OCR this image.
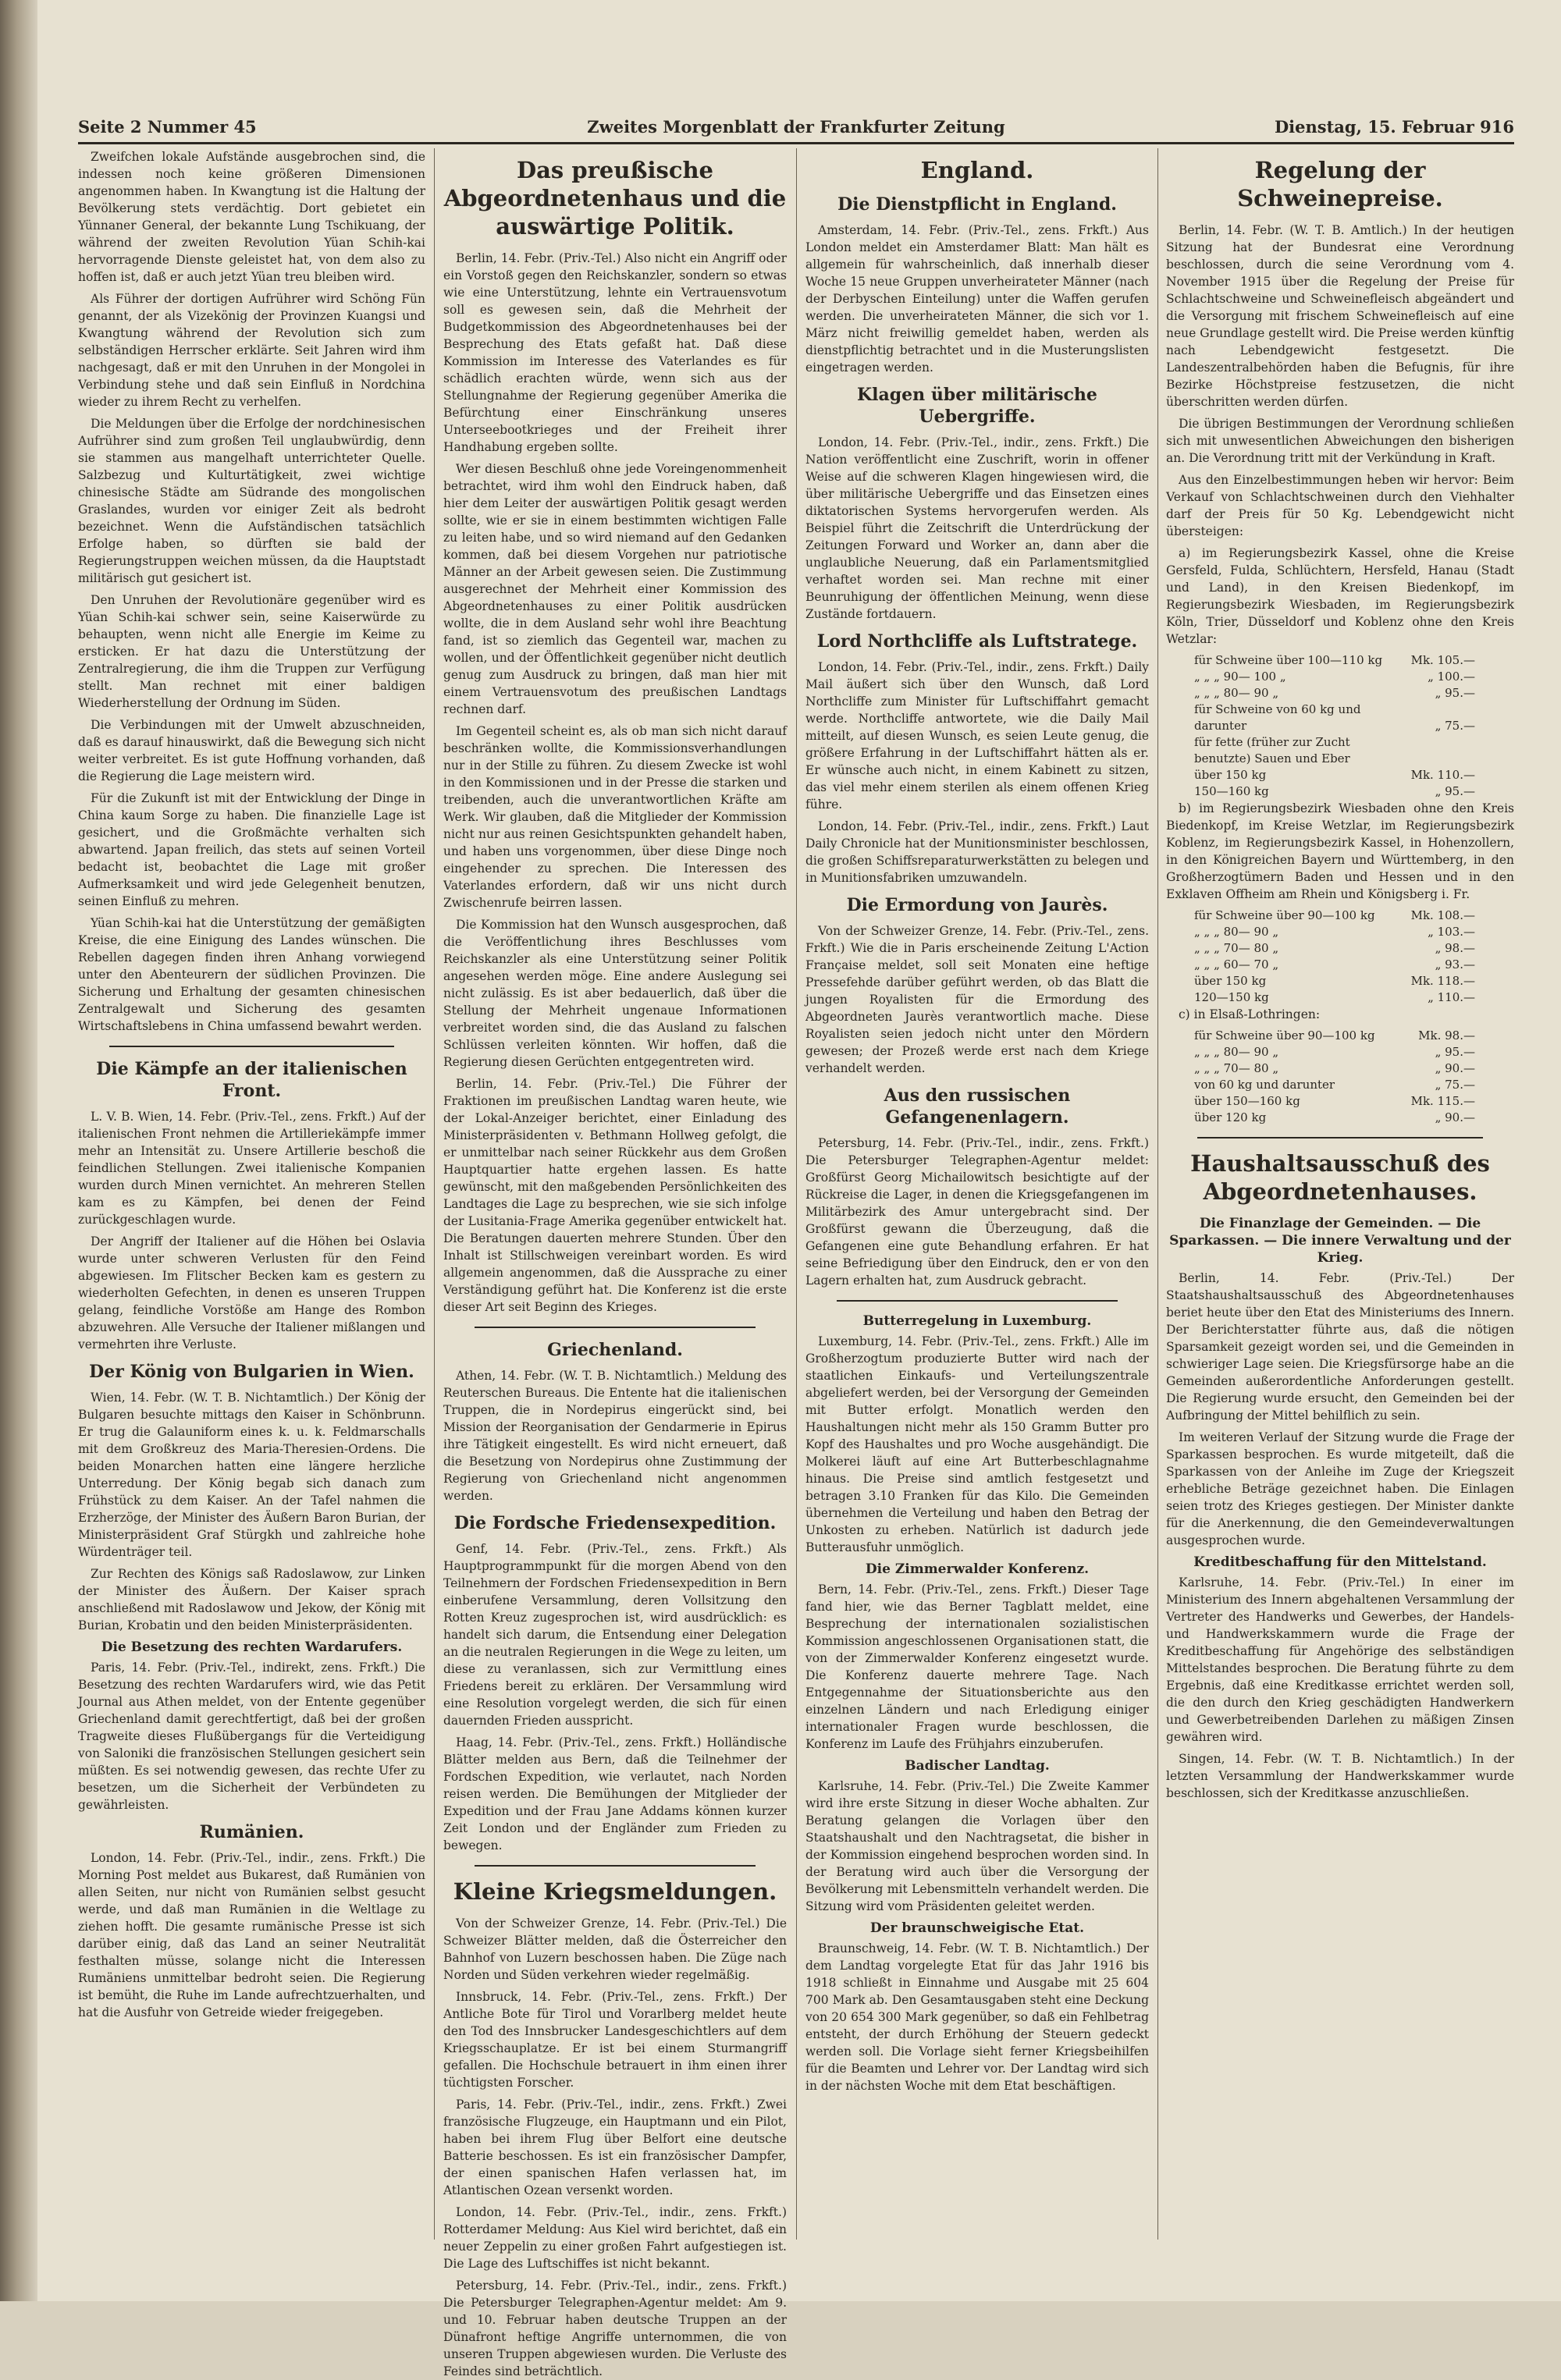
Seite 2 Nummer 45	Zweites Morgenblatt der Frankfurter Zeitung	Dienstag, 15. Februar 916

Zweifchen lokale Aufstände ausgebrochen sind, die indessen noch keine größeren Dimensionen angenommen haben. In Kwangtung ist die Haltung der Bevölkerung stets verdächtig. Dort gebietet ein Yünnaner General, der bekannte Lung Tschikuang, der während der zweiten Revolution Yüan Schih-kai hervorragende Dienste geleistet hat, von dem also zu hoffen ist, daß er auch jetzt Yüan treu bleiben wird.

Als Führer der dortigen Aufrührer wird Schöng Fün genannt, der als Vizekönig der Provinzen Kuangsi und Kwangtung während der Revolution sich zum selbständigen Herrscher erklärte. Seit Jahren wird ihm nachgesagt, daß er mit den Unruhen in der Mongolei in Verbindung stehe und daß sein Einfluß in Nordchina wieder zu ihrem Recht zu verhelfen.

Die Meldungen über die Erfolge der nordchinesischen Aufrührer sind zum großen Teil unglaubwürdig, denn sie stammen aus mangelhaft unterrichteter Quelle. Salzbezug und Kulturtätigkeit, zwei wichtige chinesische Städte am Südrande des mongolischen Graslandes, wurden vor einiger Zeit als bedroht bezeichnet. Wenn die Aufständischen tatsächlich Erfolge haben, so dürften sie bald der Regierungstruppen weichen müssen, da die Hauptstadt militärisch gut gesichert ist.

Den Unruhen der Revolutionäre gegenüber wird es Yüan Schih-kai schwer sein, seine Kaiserwürde zu behaupten, wenn nicht alle Energie im Keime zu ersticken. Er hat dazu die Unterstützung der Zentralregierung, die ihm die Truppen zur Verfügung stellt. Man rechnet mit einer baldigen Wiederherstellung der Ordnung im Süden.

Die Verbindungen mit der Umwelt abzuschneiden, daß es darauf hinauswirkt, daß die Bewegung sich nicht weiter verbreitet. Es ist gute Hoffnung vorhanden, daß die Regierung die Lage meistern wird.

Für die Zukunft ist mit der Entwicklung der Dinge in China kaum Sorge zu haben. Die finanzielle Lage ist gesichert, und die Großmächte verhalten sich abwartend. Japan freilich, das stets auf seinen Vorteil bedacht ist, beobachtet die Lage mit großer Aufmerksamkeit und wird jede Gelegenheit benutzen, seinen Einfluß zu mehren.

Yüan Schih-kai hat die Unterstützung der gemäßigten Kreise, die eine Einigung des Landes wünschen. Die Rebellen dagegen finden ihren Anhang vorwiegend unter den Abenteurern der südlichen Provinzen. Die Sicherung und Erhaltung der gesamten chinesischen Zentralgewalt und Sicherung des gesamten Wirtschaftslebens in China umfassend bewahrt werden.

Die Kämpfe an der italienischen Front.

L. V. B. Wien, 14. Febr. (Priv.-Tel., zens. Frkft.) Auf der italienischen Front nehmen die Artilleriekämpfe immer mehr an Intensität zu. Unsere Artillerie beschoß die feindlichen Stellungen. Zwei italienische Kompanien wurden durch Minen vernichtet. An mehreren Stellen kam es zu Kämpfen, bei denen der Feind zurückgeschlagen wurde.

Der Angriff der Italiener auf die Höhen bei Oslavia wurde unter schweren Verlusten für den Feind abgewiesen. Im Flitscher Becken kam es gestern zu wiederholten Gefechten, in denen es unseren Truppen gelang, feindliche Vorstöße am Hange des Rombon abzuwehren. Alle Versuche der Italiener mißlangen und vermehrten ihre Verluste.

Der König von Bulgarien in Wien.

Wien, 14. Febr. (W. T. B. Nichtamtlich.) Der König der Bulgaren besuchte mittags den Kaiser in Schönbrunn. Er trug die Galauniform eines k. u. k. Feldmarschalls mit dem Großkreuz des Maria-Theresien-Ordens. Die beiden Monarchen hatten eine längere herzliche Unterredung. Der König begab sich danach zum Frühstück zu dem Kaiser. An der Tafel nahmen die Erzherzöge, der Minister des Äußern Baron Burian, der Ministerpräsident Graf Stürgkh und zahlreiche hohe Würdenträger teil.

Zur Rechten des Königs saß Radoslawow, zur Linken der Minister des Äußern. Der Kaiser sprach anschließend mit Radoslawow und Jekow, der König mit Burian, Krobatin und den beiden Ministerpräsidenten.

Die Besetzung des rechten Wardarufers.

Paris, 14. Febr. (Priv.-Tel., indirekt, zens. Frkft.) Die Besetzung des rechten Wardarufers wird, wie das Petit Journal aus Athen meldet, von der Entente gegenüber Griechenland damit gerechtfertigt, daß bei der großen Tragweite dieses Flußübergangs für die Verteidigung von Saloniki die französischen Stellungen gesichert sein müßten. Es sei notwendig gewesen, das rechte Ufer zu besetzen, um die Sicherheit der Verbündeten zu gewährleisten.

Rumänien.

London, 14. Febr. (Priv.-Tel., indir., zens. Frkft.) Die Morning Post meldet aus Bukarest, daß Rumänien von allen Seiten, nur nicht von Rumänien selbst gesucht werde, und daß man Rumänien in die Weltlage zu ziehen hofft. Die gesamte rumänische Presse ist sich darüber einig, daß das Land an seiner Neutralität festhalten müsse, solange nicht die Interessen Rumäniens unmittelbar bedroht seien. Die Regierung ist bemüht, die Ruhe im Lande aufrechtzuerhalten, und hat die Ausfuhr von Getreide wieder freigegeben.

Das preußische Abgeordnetenhaus und die auswärtige Politik.

Berlin, 14. Febr. (Priv.-Tel.) Also nicht ein Angriff oder ein Vorstoß gegen den Reichskanzler, sondern so etwas wie eine Unterstützung, lehnte ein Vertrauensvotum soll es gewesen sein, daß die Mehrheit der Budgetkommission des Abgeordnetenhauses bei der Besprechung des Etats gefaßt hat. Daß diese Kommission im Interesse des Vaterlandes es für schädlich erachten würde, wenn sich aus der Stellungnahme der Regierung gegenüber Amerika die Befürchtung einer Einschränkung unseres Unterseebootkrieges und der Freiheit ihrer Handhabung ergeben sollte.

Wer diesen Beschluß ohne jede Voreingenommenheit betrachtet, wird ihm wohl den Eindruck haben, daß hier dem Leiter der auswärtigen Politik gesagt werden sollte, wie er sie in einem bestimmten wichtigen Falle zu leiten habe, und so wird niemand auf den Gedanken kommen, daß bei diesem Vorgehen nur patriotische Männer an der Arbeit gewesen seien. Die Zustimmung ausgerechnet der Mehrheit einer Kommission des Abgeordnetenhauses zu einer Politik ausdrücken wollte, die in dem Ausland sehr wohl ihre Beachtung fand, ist so ziemlich das Gegenteil war, machen zu wollen, und der Öffentlichkeit gegenüber nicht deutlich genug zum Ausdruck zu bringen, daß man hier mit einem Vertrauensvotum des preußischen Landtags rechnen darf.

Im Gegenteil scheint es, als ob man sich nicht darauf beschränken wollte, die Kommissionsverhandlungen nur in der Stille zu führen. Zu diesem Zwecke ist wohl in den Kommissionen und in der Presse die starken und treibenden, auch die unverantwortlichen Kräfte am Werk. Wir glauben, daß die Mitglieder der Kommission nicht nur aus reinen Gesichtspunkten gehandelt haben, und haben uns vorgenommen, über diese Dinge noch eingehender zu sprechen. Die Interessen des Vaterlandes erfordern, daß wir uns nicht durch Zwischenrufe beirren lassen.

Die Kommission hat den Wunsch ausgesprochen, daß die Veröffentlichung ihres Beschlusses vom Reichskanzler als eine Unterstützung seiner Politik angesehen werden möge. Eine andere Auslegung sei nicht zulässig. Es ist aber bedauerlich, daß über die Stellung der Mehrheit ungenaue Informationen verbreitet worden sind, die das Ausland zu falschen Schlüssen verleiten könnten. Wir hoffen, daß die Regierung diesen Gerüchten entgegentreten wird.

Berlin, 14. Febr. (Priv.-Tel.) Die Führer der Fraktionen im preußischen Landtag waren heute, wie der Lokal-Anzeiger berichtet, einer Einladung des Ministerpräsidenten v. Bethmann Hollweg gefolgt, die er unmittelbar nach seiner Rückkehr aus dem Großen Hauptquartier hatte ergehen lassen. Es hatte gewünscht, mit den maßgebenden Persönlichkeiten des Landtages die Lage zu besprechen, wie sie sich infolge der Lusitania-Frage Amerika gegenüber entwickelt hat. Die Beratungen dauerten mehrere Stunden. Über den Inhalt ist Stillschweigen vereinbart worden. Es wird allgemein angenommen, daß die Aussprache zu einer Verständigung geführt hat. Die Konferenz ist die erste dieser Art seit Beginn des Krieges.

Griechenland.

Athen, 14. Febr. (W. T. B. Nichtamtlich.) Meldung des Reuterschen Bureaus. Die Entente hat die italienischen Truppen, die in Nordepirus eingerückt sind, bei Mission der Reorganisation der Gendarmerie in Epirus ihre Tätigkeit eingestellt. Es wird nicht erneuert, daß die Besetzung von Nordepirus ohne Zustimmung der Regierung von Griechenland nicht angenommen werden.

Die Fordsche Friedensexpedition.

Genf, 14. Febr. (Priv.-Tel., zens. Frkft.) Als Hauptprogrammpunkt für die morgen Abend von den Teilnehmern der Fordschen Friedensexpedition in Bern einberufene Versammlung, deren Vollsitzung den Rotten Kreuz zugesprochen ist, wird ausdrücklich: es handelt sich darum, die Entsendung einer Delegation an die neutralen Regierungen in die Wege zu leiten, um diese zu veranlassen, sich zur Vermittlung eines Friedens bereit zu erklären. Der Versammlung wird eine Resolution vorgelegt werden, die sich für einen dauernden Frieden ausspricht.

Haag, 14. Febr. (Priv.-Tel., zens. Frkft.) Holländische Blätter melden aus Bern, daß die Teilnehmer der Fordschen Expedition, wie verlautet, nach Norden reisen werden. Die Bemühungen der Mitglieder der Expedition und der Frau Jane Addams können kurzer Zeit London und der Engländer zum Frieden zu bewegen.

Kleine Kriegsmeldungen.

Von der Schweizer Grenze, 14. Febr. (Priv.-Tel.) Die Schweizer Blätter melden, daß die Österreicher den Bahnhof von Luzern beschossen haben. Die Züge nach Norden und Süden verkehren wieder regelmäßig.

Innsbruck, 14. Febr. (Priv.-Tel., zens. Frkft.) Der Antliche Bote für Tirol und Vorarlberg meldet heute den Tod des Innsbrucker Landesgeschichtlers auf dem Kriegsschauplatze. Er ist bei einem Sturmangriff gefallen. Die Hochschule betrauert in ihm einen ihrer tüchtigsten Forscher.

Paris, 14. Febr. (Priv.-Tel., indir., zens. Frkft.) Zwei französische Flugzeuge, ein Hauptmann und ein Pilot, haben bei ihrem Flug über Belfort eine deutsche Batterie beschossen. Es ist ein französischer Dampfer, der einen spanischen Hafen verlassen hat, im Atlantischen Ozean versenkt worden.

London, 14. Febr. (Priv.-Tel., indir., zens. Frkft.) Rotterdamer Meldung: Aus Kiel wird berichtet, daß ein neuer Zeppelin zu einer großen Fahrt aufgestiegen ist. Die Lage des Luftschiffes ist nicht bekannt.

Petersburg, 14. Febr. (Priv.-Tel., indir., zens. Frkft.) Die Petersburger Telegraphen-Agentur meldet: Am 9. und 10. Februar haben deutsche Truppen an der Dünafront heftige Angriffe unternommen, die von unseren Truppen abgewiesen wurden. Die Verluste des Feindes sind beträchtlich.

England.
Die Dienstpflicht in England.

Amsterdam, 14. Febr. (Priv.-Tel., zens. Frkft.) Aus London meldet ein Amsterdamer Blatt: Man hält es allgemein für wahrscheinlich, daß innerhalb dieser Woche 15 neue Gruppen unverheirateter Männer (nach der Derbyschen Einteilung) unter die Waffen gerufen werden. Die unverheirateten Männer, die sich vor 1. März nicht freiwillig gemeldet haben, werden als dienstpflichtig betrachtet und in die Musterungslisten eingetragen werden.

Klagen über militärische Uebergriffe.

London, 14. Febr. (Priv.-Tel., indir., zens. Frkft.) Die Nation veröffentlicht eine Zuschrift, worin in offener Weise auf die schweren Klagen hingewiesen wird, die über militärische Uebergriffe und das Einsetzen eines diktatorischen Systems hervorgerufen werden. Als Beispiel führt die Zeitschrift die Unterdrückung der Zeitungen Forward und Worker an, dann aber die unglaubliche Neuerung, daß ein Parlamentsmitglied verhaftet worden sei. Man rechne mit einer Beunruhigung der öffentlichen Meinung, wenn diese Zustände fortdauern.

Lord Northcliffe als Luftstratege.

London, 14. Febr. (Priv.-Tel., indir., zens. Frkft.) Daily Mail äußert sich über den Wunsch, daß Lord Northcliffe zum Minister für Luftschiffahrt gemacht werde. Northcliffe antwortete, wie die Daily Mail mitteilt, auf diesen Wunsch, es seien Leute genug, die größere Erfahrung in der Luftschiffahrt hätten als er. Er wünsche auch nicht, in einem Kabinett zu sitzen, das viel mehr einem sterilen als einem offenen Krieg führe.

London, 14. Febr. (Priv.-Tel., indir., zens. Frkft.) Laut Daily Chronicle hat der Munitionsminister beschlossen, die großen Schiffsreparaturwerkstätten zu belegen und in Munitionsfabriken umzuwandeln.

Die Ermordung von Jaurès.

Von der Schweizer Grenze, 14. Febr. (Priv.-Tel., zens. Frkft.) Wie die in Paris erscheinende Zeitung L'Action Française meldet, soll seit Monaten eine heftige Pressefehde darüber geführt werden, ob das Blatt die jungen Royalisten für die Ermordung des Abgeordneten Jaurès verantwortlich mache. Diese Royalisten seien jedoch nicht unter den Mördern gewesen; der Prozeß werde erst nach dem Kriege verhandelt werden.

Aus den russischen Gefangenenlagern.

Petersburg, 14. Febr. (Priv.-Tel., indir., zens. Frkft.) Die Petersburger Telegraphen-Agentur meldet: Großfürst Georg Michailowitsch besichtigte auf der Rückreise die Lager, in denen die Kriegsgefangenen im Militärbezirk des Amur untergebracht sind. Der Großfürst gewann die Überzeugung, daß die Gefangenen eine gute Behandlung erfahren. Er hat seine Befriedigung über den Eindruck, den er von den Lagern erhalten hat, zum Ausdruck gebracht.

Butterregelung in Luxemburg.

Luxemburg, 14. Febr. (Priv.-Tel., zens. Frkft.) Alle im Großherzogtum produzierte Butter wird nach der staatlichen Einkaufs- und Verteilungszentrale abgeliefert werden, bei der Versorgung der Gemeinden mit Butter erfolgt. Monatlich werden den Haushaltungen nicht mehr als 150 Gramm Butter pro Kopf des Haushaltes und pro Woche ausgehändigt. Die Molkerei läuft auf eine Art Butterbeschlagnahme hinaus. Die Preise sind amtlich festgesetzt und betragen 3.10 Franken für das Kilo. Die Gemeinden übernehmen die Verteilung und haben den Betrag der Unkosten zu erheben. Natürlich ist dadurch jede Butterausfuhr unmöglich.

Die Zimmerwalder Konferenz.

Bern, 14. Febr. (Priv.-Tel., zens. Frkft.) Dieser Tage fand hier, wie das Berner Tagblatt meldet, eine Besprechung der internationalen sozialistischen Kommission angeschlossenen Organisationen statt, die von der Zimmerwalder Konferenz eingesetzt wurde. Die Konferenz dauerte mehrere Tage. Nach Entgegennahme der Situationsberichte aus den einzelnen Ländern und nach Erledigung einiger internationaler Fragen wurde beschlossen, die Konferenz im Laufe des Frühjahrs einzuberufen.

Badischer Landtag.

Karlsruhe, 14. Febr. (Priv.-Tel.) Die Zweite Kammer wird ihre erste Sitzung in dieser Woche abhalten. Zur Beratung gelangen die Vorlagen über den Staatshaushalt und den Nachtragsetat, die bisher in der Kommission eingehend besprochen worden sind. In der Beratung wird auch über die Versorgung der Bevölkerung mit Lebensmitteln verhandelt werden. Die Sitzung wird vom Präsidenten geleitet werden.

Der braunschweigische Etat.

Braunschweig, 14. Febr. (W. T. B. Nichtamtlich.) Der dem Landtag vorgelegte Etat für das Jahr 1916 bis 1918 schließt in Einnahme und Ausgabe mit 25 604 700 Mark ab. Den Gesamtausgaben steht eine Deckung von 20 654 300 Mark gegenüber, so daß ein Fehlbetrag entsteht, der durch Erhöhung der Steuern gedeckt werden soll. Die Vorlage sieht ferner Kriegsbeihilfen für die Beamten und Lehrer vor. Der Landtag wird sich in der nächsten Woche mit dem Etat beschäftigen.

Regelung der Schweinepreise.

Berlin, 14. Febr. (W. T. B. Amtlich.) In der heutigen Sitzung hat der Bundesrat eine Verordnung beschlossen, durch die seine Verordnung vom 4. November 1915 über die Regelung der Preise für Schlachtschweine und Schweinefleisch abgeändert und die Versorgung mit frischem Schweinefleisch auf eine neue Grundlage gestellt wird. Die Preise werden künftig nach Lebendgewicht festgesetzt. Die Landeszentralbehörden haben die Befugnis, für ihre Bezirke Höchstpreise festzusetzen, die nicht überschritten werden dürfen.

Die übrigen Bestimmungen der Verordnung schließen sich mit unwesentlichen Abweichungen den bisherigen an. Die Verordnung tritt mit der Verkündung in Kraft.

Aus den Einzelbestimmungen heben wir hervor: Beim Verkauf von Schlachtschweinen durch den Viehhalter darf der Preis für 50 Kg. Lebendgewicht nicht übersteigen:

a) im Regierungsbezirk Kassel, ohne die Kreise Gersfeld, Fulda, Schlüchtern, Hersfeld, Hanau (Stadt und Land), in den Kreisen Biedenkopf, im Regierungsbezirk Wiesbaden, im Regierungsbezirk Köln, Trier, Düsseldorf und Koblenz ohne den Kreis Wetzlar:

für Schweine über 100—110 kg Mk. 105.—
„ „ „ 90— 100 „	„ 100.—
„ „ „ 80— 90 „	„ 95.—
für Schweine von 60 kg und darunter	„ 75.—
für fette (früher zur Zucht benutzte) Sauen und Eber
über 150 kg	Mk. 110.—
150—160 kg	„ 95.—

b) im Regierungsbezirk Wiesbaden ohne den Kreis Biedenkopf, im Kreise Wetzlar, im Regierungsbezirk Koblenz, im Regierungsbezirk Kassel, in Hohenzollern, in den Königreichen Bayern und Württemberg, in den Großherzogtümern Baden und Hessen und in den Exklaven Offheim am Rhein und Königsberg i. Fr.

für Schweine über 90—100 kg	Mk. 108.—
„ „ „ 80— 90 „	„ 103.—
„ „ „ 70— 80 „	„ 98.—
„ „ „ 60— 70 „	„ 93.—
über 150 kg	Mk. 118.—
120—150 kg	„ 110.—

c) in Elsaß-Lothringen:

für Schweine über 90—100 kg	Mk. 98.—
„ „ „ 80— 90 „	„ 95.—
„ „ „ 70— 80 „	„ 90.—
von 60 kg und darunter	„ 75.—
über 150—160 kg	Mk. 115.—
über 120 kg	„ 90.—
Haushaltsausschuß des Abgeordnetenhauses.
Die Finanzlage der Gemeinden. — Die Sparkassen. — Die innere Verwaltung und der Krieg.

Berlin, 14. Febr. (Priv.-Tel.) Der Staatshaushaltsausschuß des Abgeordnetenhauses beriet heute über den Etat des Ministeriums des Innern. Der Berichterstatter führte aus, daß die nötigen Sparsamkeit gezeigt worden sei, und die Gemeinden in schwieriger Lage seien. Die Kriegsfürsorge habe an die Gemeinden außerordentliche Anforderungen gestellt. Die Regierung wurde ersucht, den Gemeinden bei der Aufbringung der Mittel behilflich zu sein.

Im weiteren Verlauf der Sitzung wurde die Frage der Sparkassen besprochen. Es wurde mitgeteilt, daß die Sparkassen von der Anleihe im Zuge der Kriegszeit erhebliche Beträge gezeichnet haben. Die Einlagen seien trotz des Krieges gestiegen. Der Minister dankte für die Anerkennung, die den Gemeindeverwaltungen ausgesprochen wurde.

Kreditbeschaffung für den Mittelstand.

Karlsruhe, 14. Febr. (Priv.-Tel.) In einer im Ministerium des Innern abgehaltenen Versammlung der Vertreter des Handwerks und Gewerbes, der Handels- und Handwerkskammern wurde die Frage der Kreditbeschaffung für Angehörige des selbständigen Mittelstandes besprochen. Die Beratung führte zu dem Ergebnis, daß eine Kreditkasse errichtet werden soll, die den durch den Krieg geschädigten Handwerkern und Gewerbetreibenden Darlehen zu mäßigen Zinsen gewähren wird.

Singen, 14. Febr. (W. T. B. Nichtamtlich.) In der letzten Versammlung der Handwerkskammer wurde beschlossen, sich der Kreditkasse anzuschließen.
